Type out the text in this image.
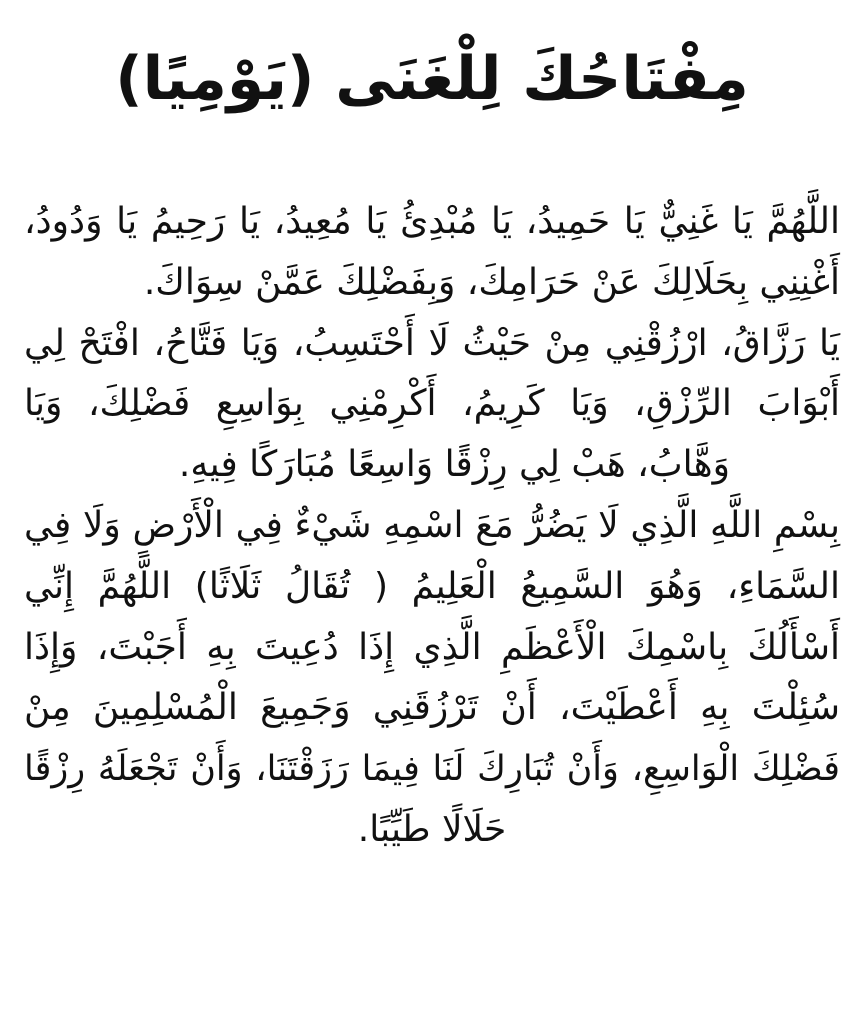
مِفْتَاحُكَ لِلْغَنَى (يَوْمِيًا)
اللَّهُمَّ يَا غَنِيٌّ يَا حَمِيدُ، يَا مُبْدِئُ يَا مُعِيدُ، يَا رَحِيمُ يَا وَدُودُ،
أَغْنِنِي بِحَلَالِكَ عَنْ حَرَامِكَ، وَبِفَضْلِكَ عَمَّنْ سِوَاكَ.
يَا رَزَّاقُ، ارْزُقْنِي مِنْ حَيْثُ لَا أَحْتَسِبُ، وَيَا فَتَّاحُ، افْتَحْ لِي
أَبْوَابَ الرِّزْقِ، وَيَا كَرِيمُ، أَكْرِمْنِي بِوَاسِعِ فَضْلِكَ، وَيَا
وَهَّابُ، هَبْ لِي رِزْقًا وَاسِعًا مُبَارَكًا فِيهِ.
بِسْمِ اللَّهِ الَّذِي لَا يَضُرُّ مَعَ اسْمِهِ شَيْءٌ فِي الْأَرْضِ وَلَا فِي
السَّمَاءِ، وَهُوَ السَّمِيعُ الْعَلِيمُ ( تُقَالُ ثَلَاثًا) اللَّهُمَّ إِنِّي
أَسْأَلُكَ بِاسْمِكَ الْأَعْظَمِ الَّذِي إِذَا دُعِيتَ بِهِ أَجَبْتَ، وَإِذَا
سُئِلْتَ بِهِ أَعْطَيْتَ، أَنْ تَرْزُقَنِي وَجَمِيعَ الْمُسْلِمِينَ مِنْ
فَضْلِكَ الْوَاسِعِ، وَأَنْ تُبَارِكَ لَنَا فِيمَا رَزَقْتَنَا، وَأَنْ تَجْعَلَهُ رِزْقًا
حَلَالًا طَيِّبًا.
